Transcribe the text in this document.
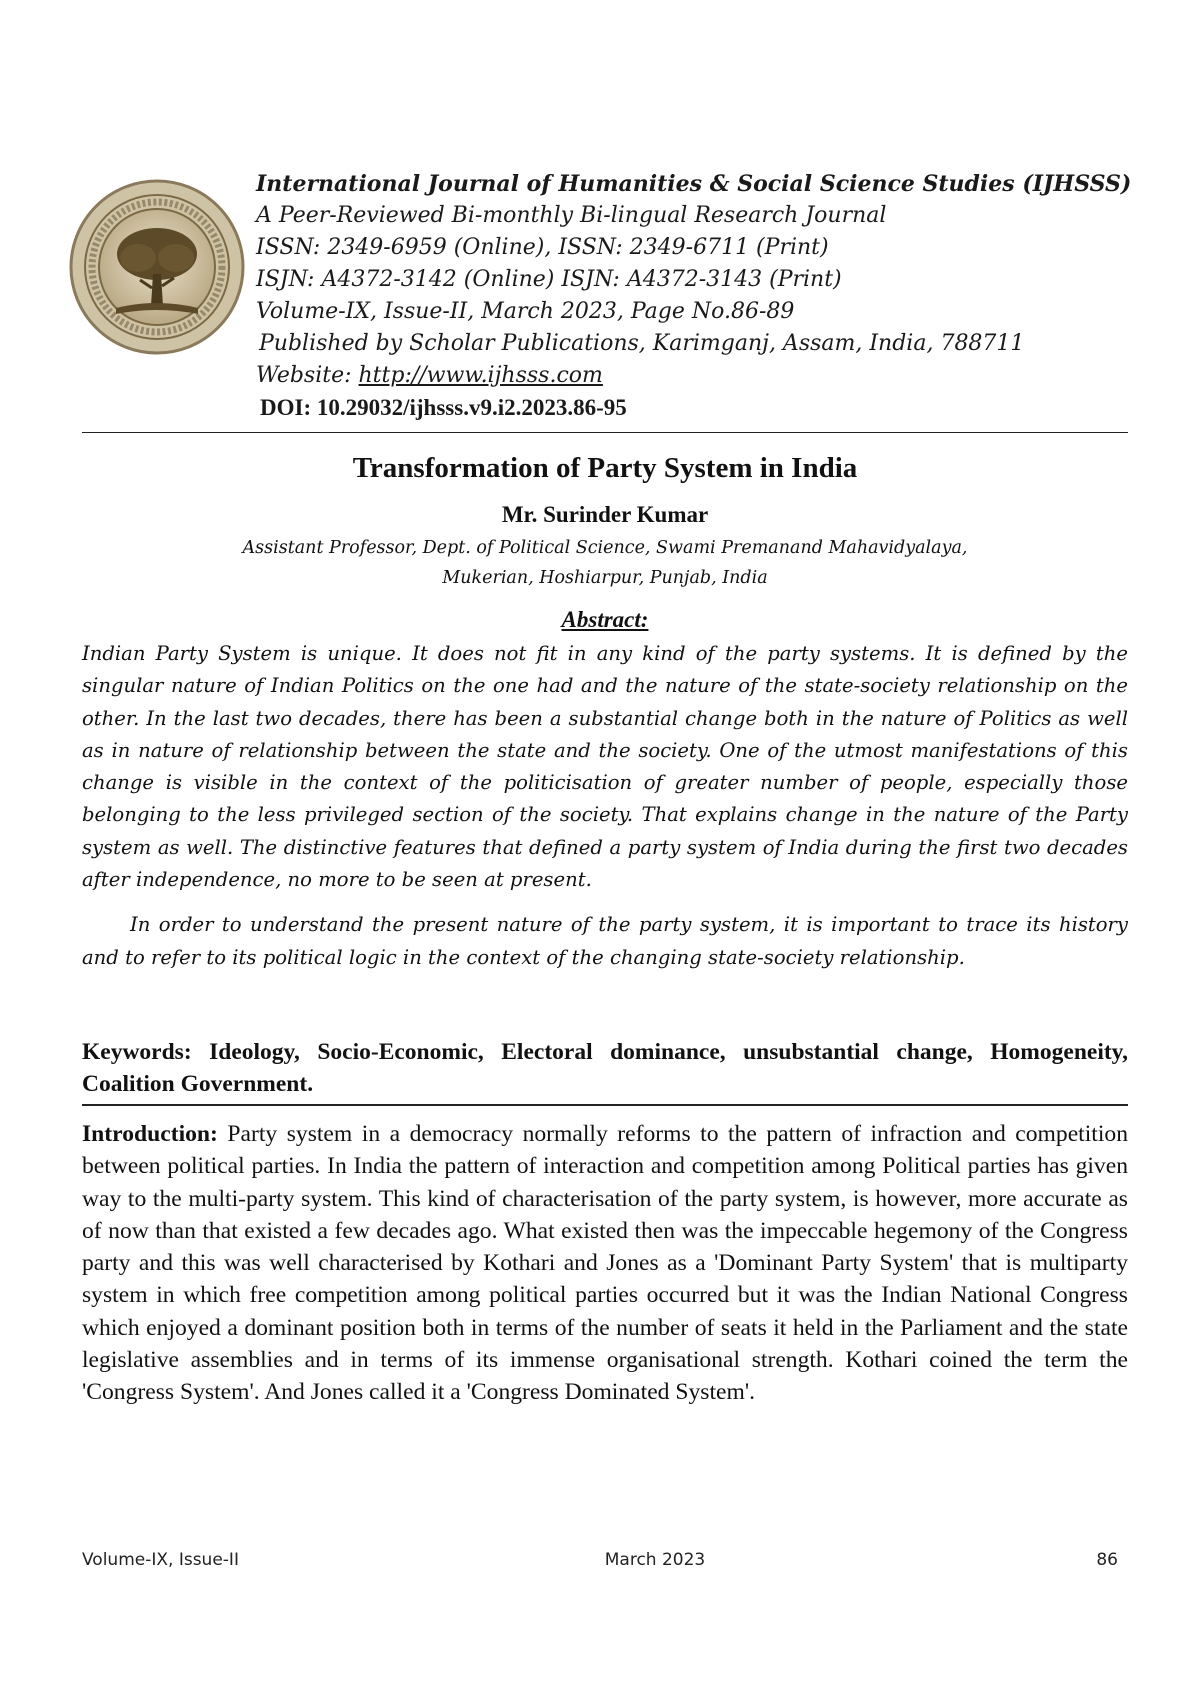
International Journal of Humanities & Social Science Studies (IJHSSS)
A Peer-Reviewed Bi-monthly Bi-lingual Research Journal
ISSN: 2349-6959 (Online), ISSN: 2349-6711 (Print)
ISJN: A4372-3142 (Online) ISJN: A4372-3143 (Print)
Volume-IX, Issue-II, March 2023, Page No.86-89
Published by Scholar Publications, Karimganj, Assam, India, 788711
Website: http://www.ijhsss.com
DOI: 10.29032/ijhsss.v9.i2.2023.86-95
Transformation of Party System in India
Mr. Surinder Kumar
Assistant Professor, Dept. of Political Science, Swami Premanand Mahavidyalaya,
Mukerian, Hoshiarpur, Punjab, India
Abstract:

Indian Party System is unique. It does not fit in any kind of the party systems. It is defined by the singular nature of Indian Politics on the one had and the nature of the state-society relationship on the other. In the last two decades, there has been a substantial change both in the nature of Politics as well as in nature of relationship between the state and the society. One of the utmost manifestations of this change is visible in the context of the politicisation of greater number of people, especially those belonging to the less privileged section of the society. That explains change in the nature of the Party system as well. The distinctive features that defined a party system of India during the first two decades after independence, no more to be seen at present.

In order to understand the present nature of the party system, it is important to trace its history and to refer to its political logic in the context of the changing state-society relationship.

Keywords: Ideology, Socio-Economic, Electoral dominance, unsubstantial change, Homogeneity, Coalition Government.
Introduction: Party system in a democracy normally reforms to the pattern of infraction and competition between political parties. In India the pattern of interaction and competition among Political parties has given way to the multi-party system. This kind of characterisation of the party system, is however, more accurate as of now than that existed a few decades ago. What existed then was the impeccable hegemony of the Congress party and this was well characterised by Kothari and Jones as a 'Dominant Party System' that is multiparty system in which free competition among political parties occurred but it was the Indian National Congress which enjoyed a dominant position both in terms of the number of seats it held in the Parliament and the state legislative assemblies and in terms of its immense organisational strength. Kothari coined the term the 'Congress System'. And Jones called it a 'Congress Dominated System'.
Volume-IX, Issue-II	March 2023	86
